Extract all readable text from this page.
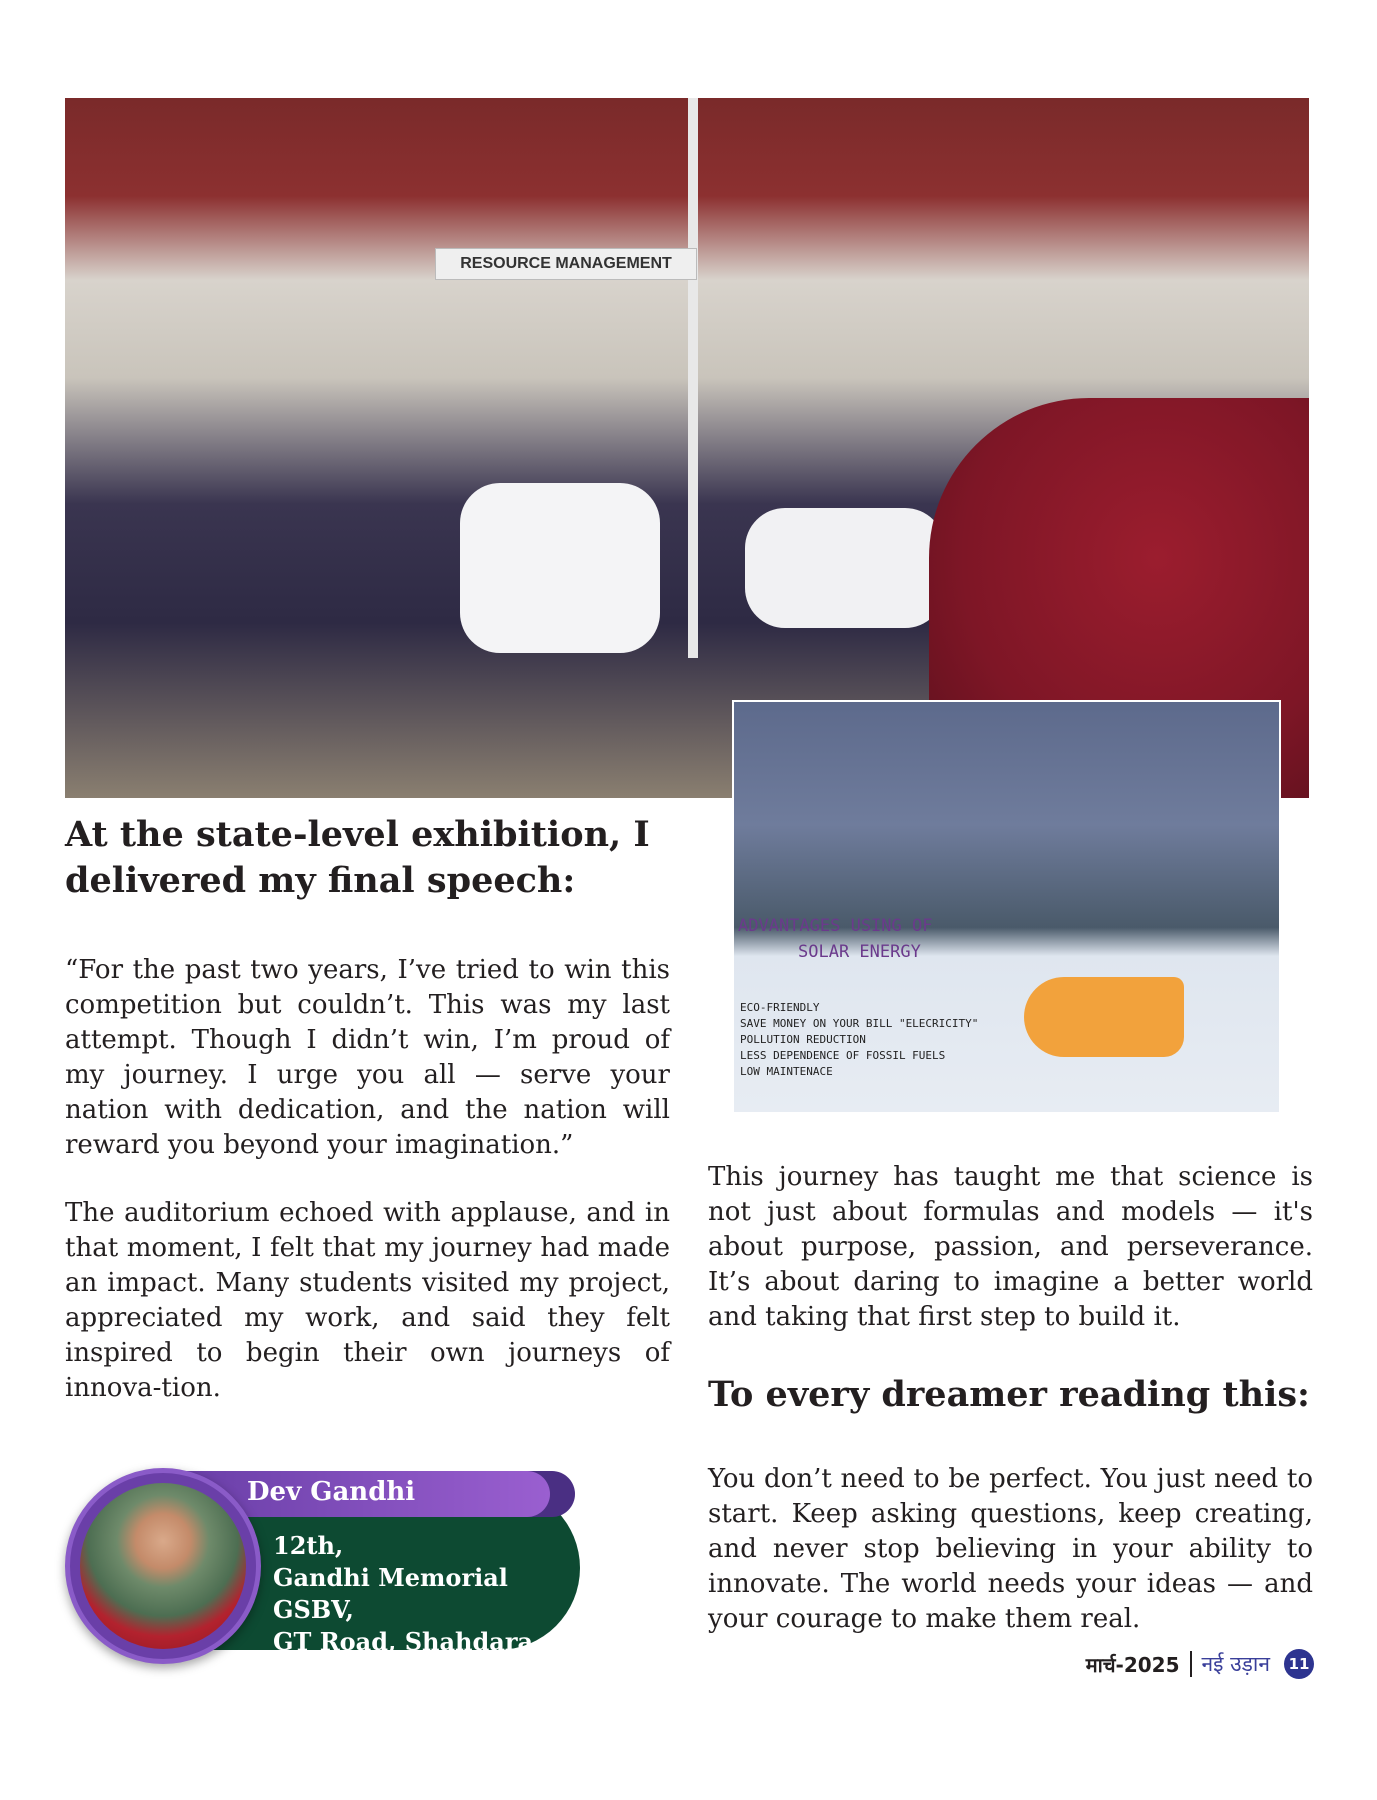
RESOURCE MANAGEMENT
ADVANTAGES USING OF
SOLAR ENERGY
ECO-FRIENDLY
SAVE MONEY ON YOUR BILL "ELECRICITY"
POLLUTION REDUCTION
LESS DEPENDENCE OF FOSSIL FUELS
LOW MAINTENACE
At the state-level exhibition, I delivered my final speech:

“For the past two years, I’ve tried to win this competition but couldn’t. This was my last attempt. Though I didn’t win, I’m proud of my journey. I urge you all — serve your nation with dedication, and the nation will reward you beyond your imagination.”

The auditorium echoed with applause, and in that moment, I felt that my journey had made an impact. Many students visited my project, appreciated my work, and said they felt inspired to begin their own journeys of innova-tion.

This journey has taught me that science is not just about formulas and models — it's about purpose, passion, and perseverance. It’s about daring to imagine a better world and taking that first step to build it.

To every dreamer reading this:

You don’t need to be perfect. You just need to start. Keep asking questions, keep creating, and never stop believing in your ability to innovate. The world needs your ideas — and your courage to make them real.

Dev Gandhi
12th,
Gandhi Memorial GSBV,
GT Road, Shahdara
मार्च-2025 नई उड़ान	11
